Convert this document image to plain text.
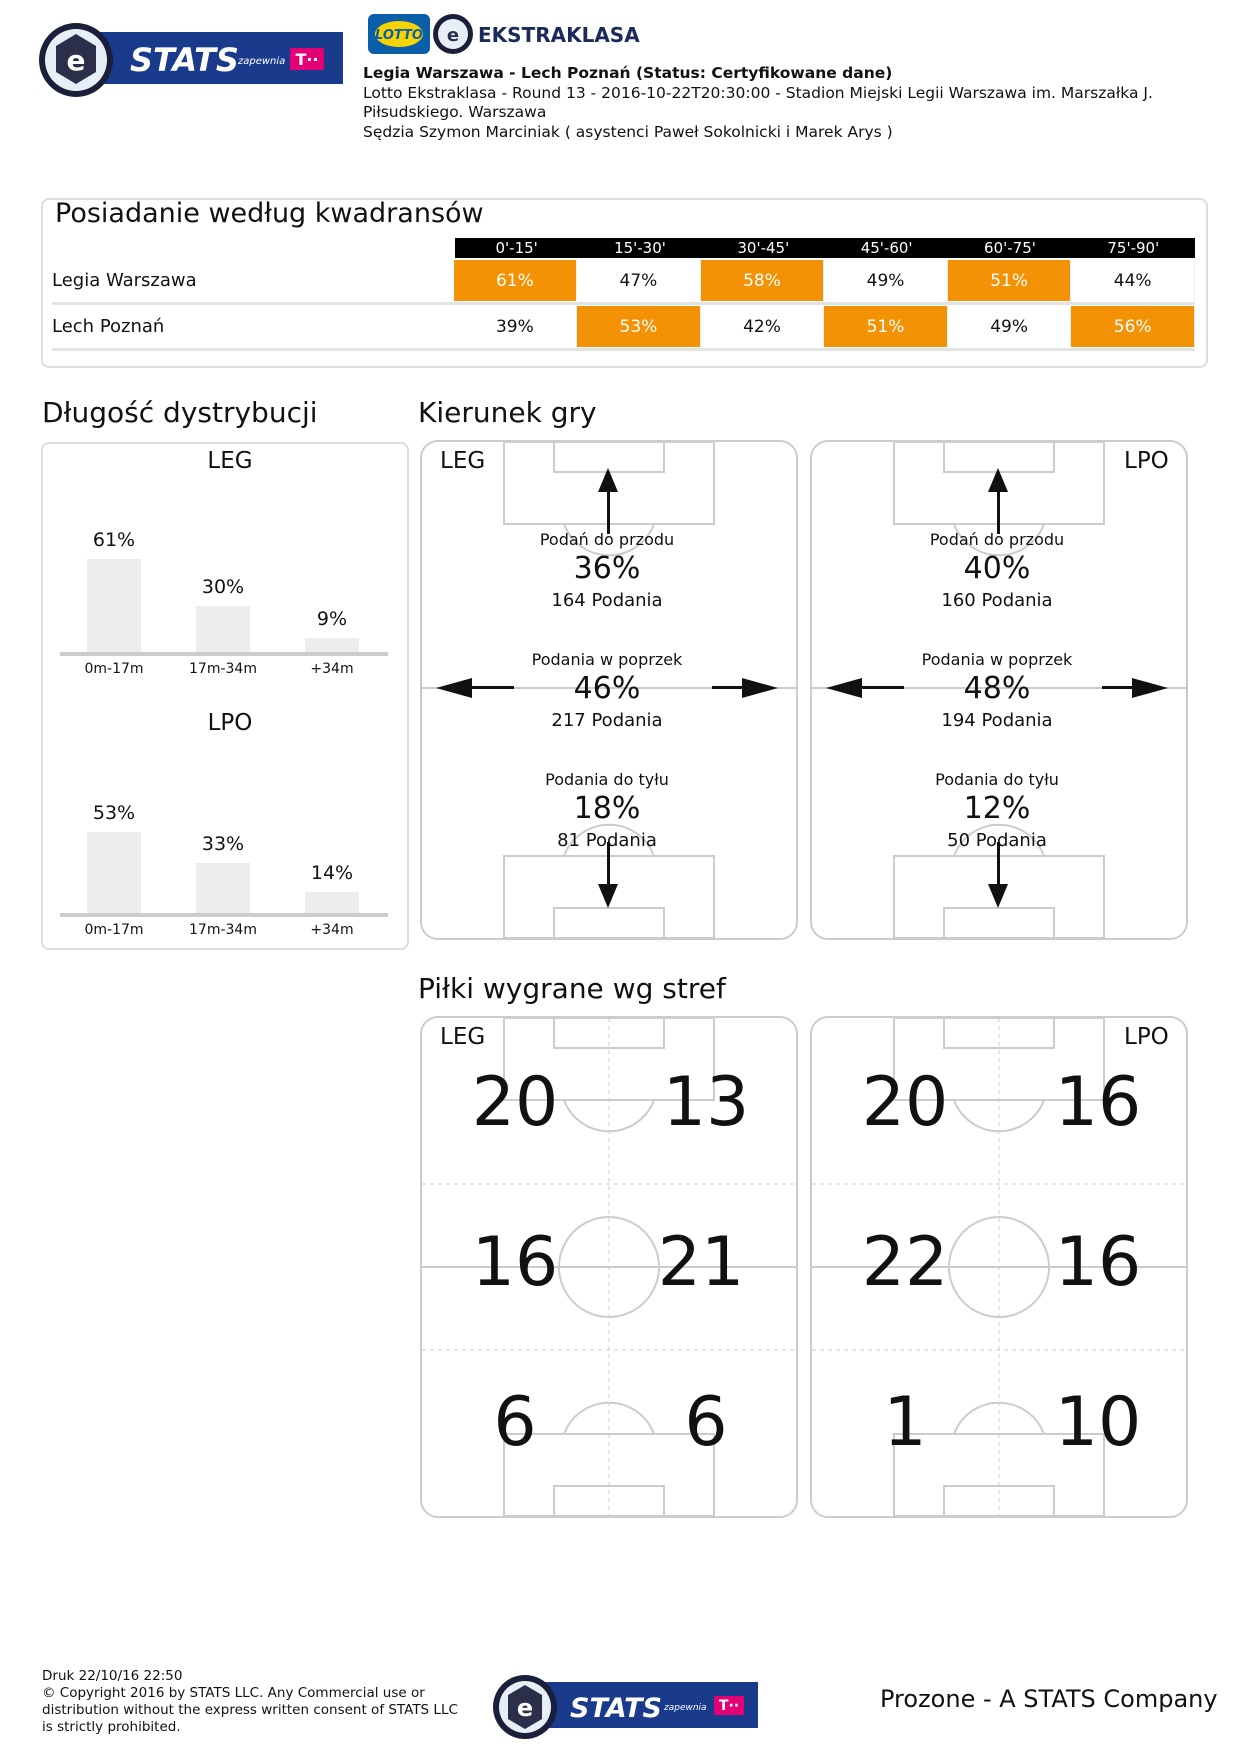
e STATS zapewnia T··
LOTTO e EKSTRAKLASA
Legia Warszawa - Lech Poznań (Status: Certyfikowane dane)
Lotto Ekstraklasa - Round 13 - 2016-10-22T20:30:00 - Stadion Miejski Legii Warszawa im. Marszałka J.
Piłsudskiego. Warszawa
Sędzia Szymon Marciniak ( asystenci Paweł Sokolnicki i Marek Arys )
Posiadanie według kwadransów
0'-15'	15'-30'	30'-45'	45'-60'	60'-75'	75'-90'
Legia Warszawa	61%	47%	58%	49%	51%	44%
Lech Poznań	39%	53%	42%	51%	49%	56%
Długość dystrybucji
LEG
61%
30%
9%
0m-17m	17m-34m	+34m
LPO
53%
33%
14%
0m-17m	17m-34m	+34m
Kierunek gry
LEG
Podań do przodu
36%
164 Podania
Podania w poprzek
46%
217 Podania
Podania do tyłu
18%
81 Podania
LPO
Podań do przodu
40%
160 Podania
Podania w poprzek
48%
194 Podania
Podania do tyłu
12%
50 Podania
Piłki wygrane wg stref
LEG
20	13
16	21
6	6
LPO
20	16
22	16
1	10
Druk 22/10/16 22:50
© Copyright 2016 by STATS LLC. Any Commercial use or
distribution without the express written consent of STATS LLC
is strictly prohibited.
e STATS zapewnia T··	Prozone - A STATS Company
